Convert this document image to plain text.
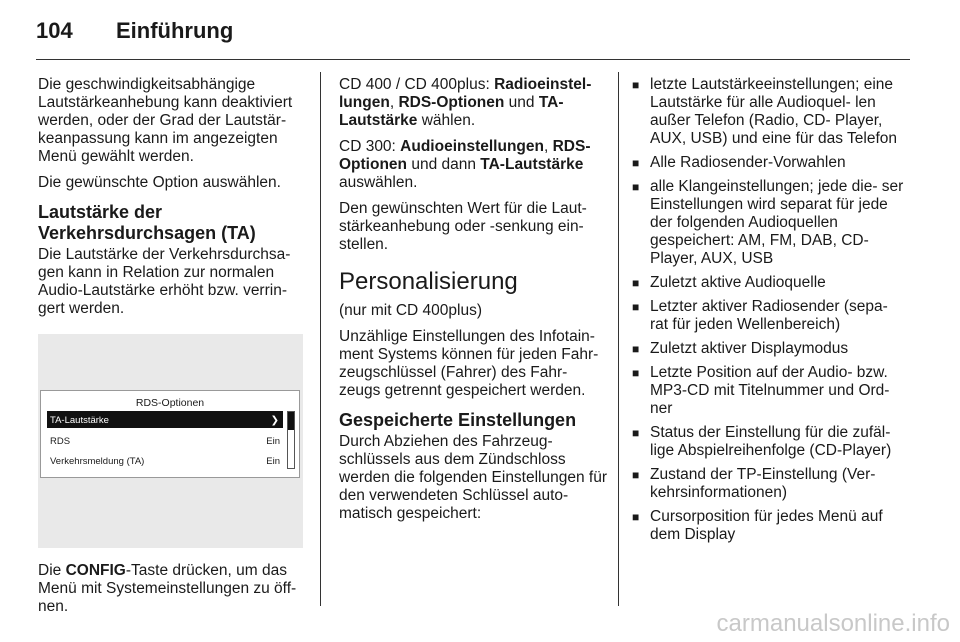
104 Einführung

Die geschwindigkeitsabhängige Lautstärkeanhebung kann deaktiviert werden, oder der Grad der Lautstär- keanpassung kann im angezeigten Menü gewählt werden.

Die gewünschte Option auswählen.

Lautstärke der Verkehrsdurchsagen (TA)

Die Lautstärke der Verkehrsdurchsa- gen kann in Relation zur normalen Audio-Lautstärke erhöht bzw. verrin- gert werden.

RDS-Optionen
TA-Lautstärke	❯
RDS	Ein
Verkehrsmeldung (TA)	Ein

Die CONFIG-Taste drücken, um das Menü mit Systemeinstellungen zu öff- nen.

CD 400 / CD 400plus: Radioeinstel- lungen, RDS-Optionen und TA- Lautstärke wählen.

CD 300: Audioeinstellungen, RDS- Optionen und dann TA-Lautstärke auswählen.

Den gewünschten Wert für die Laut- stärkeanhebung oder -senkung ein- stellen.

Personalisierung

(nur mit CD 400plus)

Unzählige Einstellungen des Infotain- ment Systems können für jeden Fahr- zeugschlüssel (Fahrer) des Fahr- zeugs getrennt gespeichert werden.

Gespeicherte Einstellungen

Durch Abziehen des Fahrzeug- schlüssels aus dem Zündschloss werden die folgenden Einstellungen für den verwendeten Schlüssel auto- matisch gespeichert:

■ letzte Lautstärkeeinstellungen; eine Lautstärke für alle Audioquel- len außer Telefon (Radio, CD- Player, AUX, USB) und eine für das Telefon
■ Alle Radiosender-Vorwahlen
■ alle Klangeinstellungen; jede die- ser Einstellungen wird separat für jede der folgenden Audioquellen gespeichert: AM, FM, DAB, CD-Player, AUX, USB
■ Zuletzt aktive Audioquelle
■ Letzter aktiver Radiosender (sepa- rat für jeden Wellenbereich)
■ Zuletzt aktiver Displaymodus
■ Letzte Position auf der Audio- bzw. MP3-CD mit Titelnummer und Ord- ner
■ Status der Einstellung für die zufäl- lige Abspielreihenfolge (CD-Player)
■ Zustand der TP-Einstellung (Ver- kehrsinformationen)
■ Cursorposition für jedes Menü auf dem Display
carmanualsonline.info
